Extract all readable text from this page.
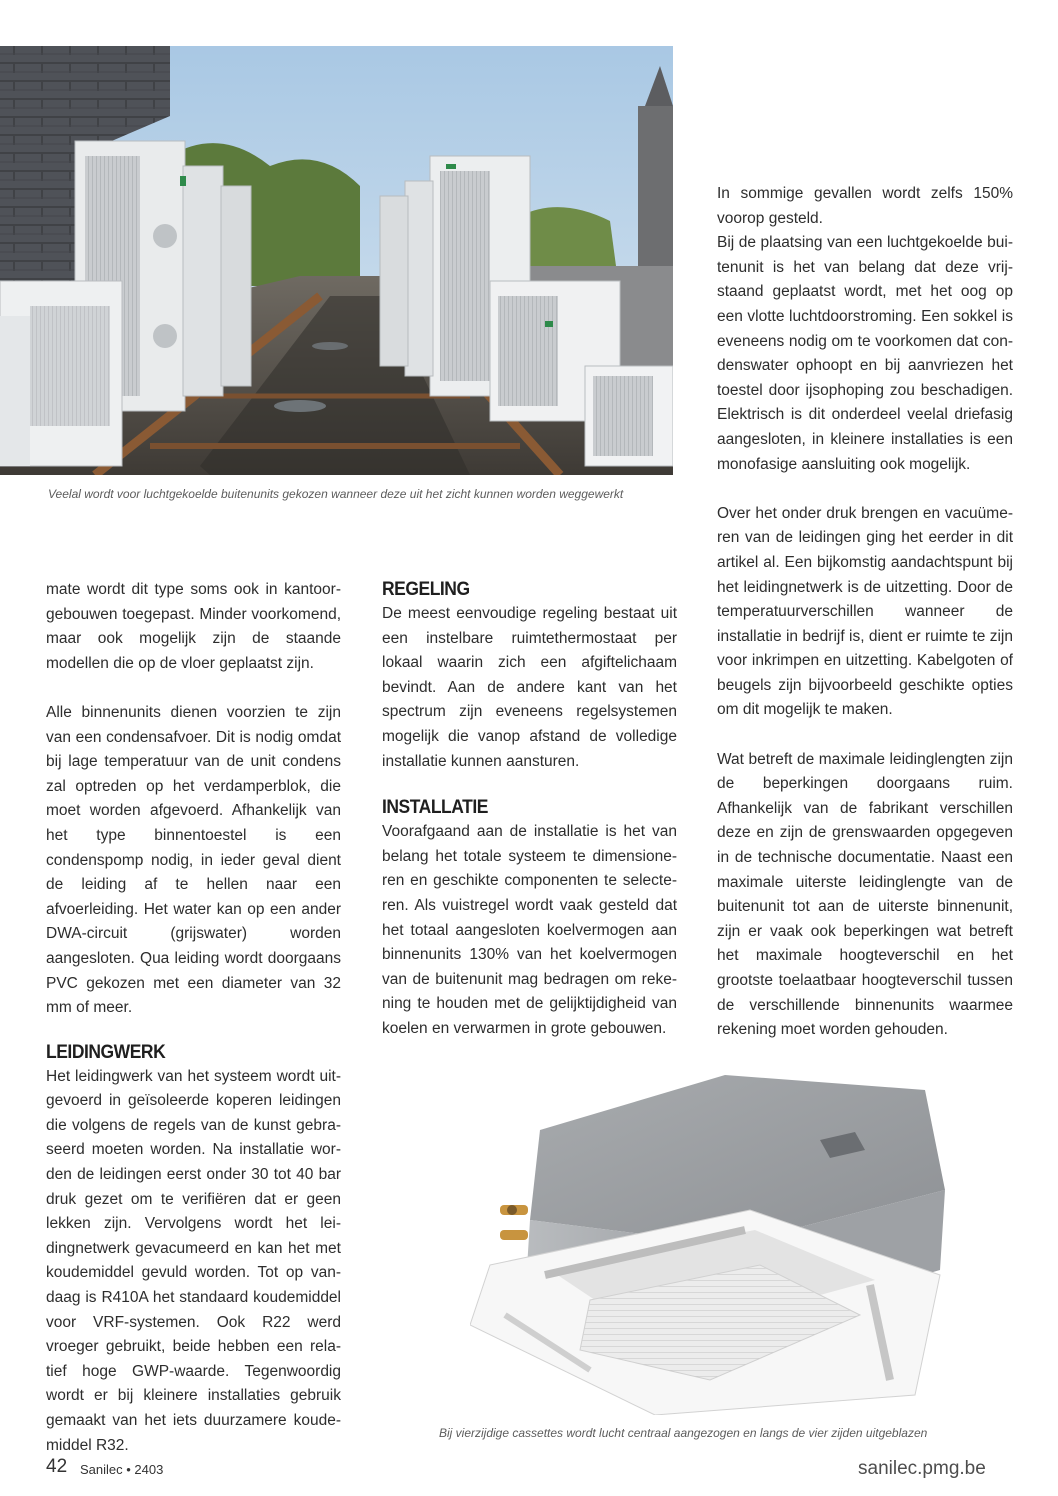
Veelal wordt voor luchtgekoelde buitenunits gekozen wanneer deze uit het zicht kunnen worden weggewerkt

mate wordt dit type soms ook in kantoorgebouwen toegepast. Minder voorkomend, maar ook mogelijk zijn de staande modellen die op de vloer geplaatst zijn.

Alle binnenunits dienen voorzien te zijn van een condensafvoer. Dit is nodig omdat bij lage temperatuur van de unit condens zal optreden op het verdamperblok, die moet worden afgevoerd. Afhankelijk van het type binnentoestel is een condenspomp nodig, in ieder geval dient de leiding af te hellen naar een afvoerleiding. Het water kan op een ander DWA-circuit (grijswater) worden aangesloten. Qua leiding wordt doorgaans PVC gekozen met een diameter van 32 mm of meer.

LEIDINGWERK

Het leidingwerk van het systeem wordt uitgevoerd in geïsoleerde koperen leidingen die volgens de regels van de kunst gebraseerd moeten worden. Na installatie worden de leidingen eerst onder 30 tot 40 bar druk gezet om te verifiëren dat er geen lekken zijn. Vervolgens wordt het leidingnetwerk gevacumeerd en kan het met koudemiddel gevuld worden. Tot op vandaag is R410A het standaard koudemiddel voor VRF-systemen. Ook R22 werd vroeger gebruikt, beide hebben een relatief hoge GWP-waarde. Tegenwoordig wordt er bij kleinere installaties gebruik gemaakt van het iets duurzamere koudemiddel R32.

REGELING

De meest eenvoudige regeling bestaat uit een instelbare ruimtethermostaat per lokaal waarin zich een afgiftelichaam bevindt. Aan de andere kant van het spectrum zijn eveneens regelsystemen mogelijk die vanop afstand de volledige installatie kunnen aansturen.

INSTALLATIE

Voorafgaand aan de installatie is het van belang het totale systeem te dimensioneren en geschikte componenten te selecteren. Als vuistregel wordt vaak gesteld dat het totaal aangesloten koelvermogen aan binnenunits 130% van het koelvermogen van de buitenunit mag bedragen om rekening te houden met de gelijktijdigheid van koelen en verwarmen in grote gebouwen.

In sommige gevallen wordt zelfs 150% voorop gesteld.

Bij de plaatsing van een luchtgekoelde buitenunit is het van belang dat deze vrijstaand geplaatst wordt, met het oog op een vlotte luchtdoorstroming. Een sokkel is eveneens nodig om te voorkomen dat condenswater ophoopt en bij aanvriezen het toestel door ijsophoping zou beschadigen. Elektrisch is dit onderdeel veelal driefasig aangesloten, in kleinere installaties is een monofasige aansluiting ook mogelijk.

Over het onder druk brengen en vacuümeren van de leidingen ging het eerder in dit artikel al. Een bijkomstig aandachtspunt bij het leidingnetwerk is de uitzetting. Door de temperatuurverschillen wanneer de installatie in bedrijf is, dient er ruimte te zijn voor inkrimpen en uitzetting. Kabelgoten of beugels zijn bijvoorbeeld geschikte opties om dit mogelijk te maken.

Wat betreft de maximale leidinglengten zijn de beperkingen doorgaans ruim. Afhankelijk van de fabrikant verschillen deze en zijn de grenswaarden opgegeven in de technische documentatie. Naast een maximale uiterste leidinglengte van de buitenunit tot aan de uiterste binnenunit, zijn er vaak ook beperkingen wat betreft het maximale hoogteverschil en het grootste toelaatbaar hoogteverschil tussen de verschillende binnenunits waarmee rekening moet worden gehouden.

Bij vierzijdige cassettes wordt lucht centraal aangezogen en langs de vier zijden uitgeblazen
42 Sanilec • 2403	sanilec.pmg.be
